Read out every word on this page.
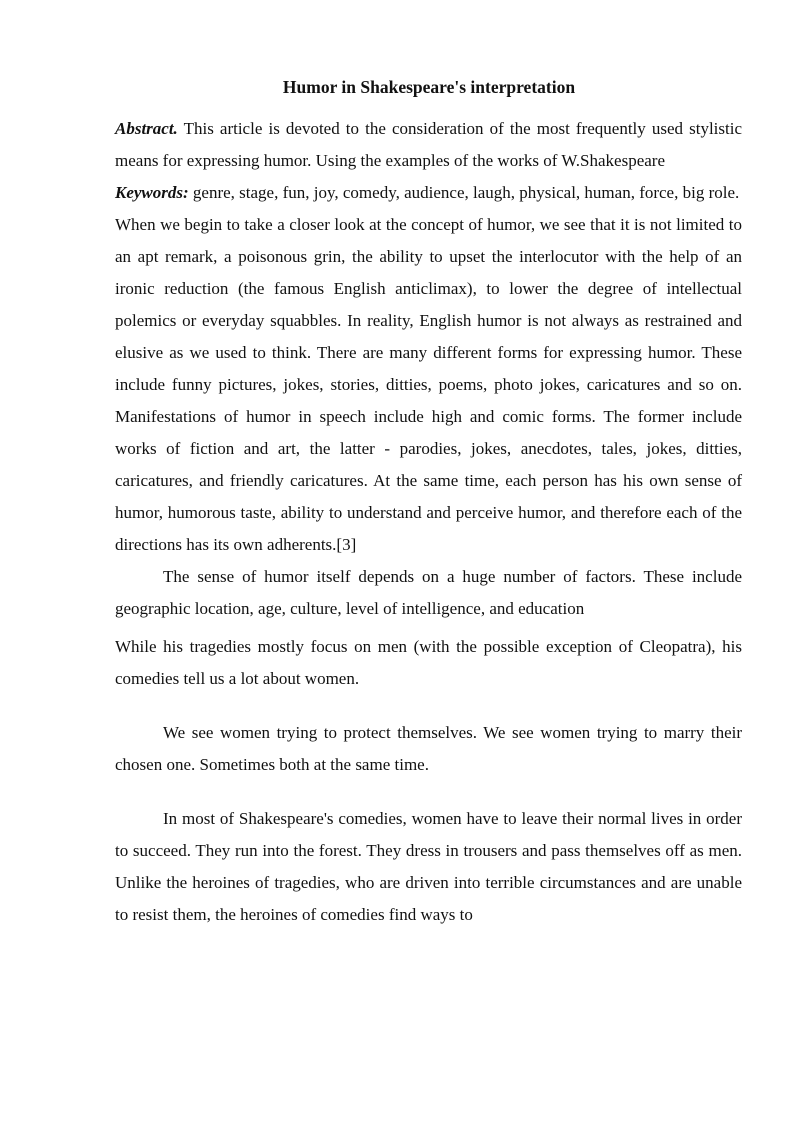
Humor in Shakespeare's interpretation

Abstract. This article is devoted to the consideration of the most frequently used stylistic means for expressing humor. Using the examples of the works of W.Shakespeare

Keywords: genre, stage, fun, joy, comedy, audience, laugh, physical, human, force, big role.

When we begin to take a closer look at the concept of humor, we see that it is not limited to an apt remark, a poisonous grin, the ability to upset the interlocutor with the help of an ironic reduction (the famous English anticlimax), to lower the degree of intellectual polemics or everyday squabbles. In reality, English humor is not always as restrained and elusive as we used to think. There are many different forms for expressing humor. These include funny pictures, jokes, stories, ditties, poems, photo jokes, caricatures and so on. Manifestations of humor in speech include high and comic forms. The former include works of fiction and art, the latter - parodies, jokes, anecdotes, tales, jokes, ditties, caricatures, and friendly caricatures. At the same time, each person has his own sense of humor, humorous taste, ability to understand and perceive humor, and therefore each of the directions has its own adherents.[3]

The sense of humor itself depends on a huge number of factors. These include geographic location, age, culture, level of intelligence, and education

While his tragedies mostly focus on men (with the possible exception of Cleopatra), his comedies tell us a lot about women.

We see women trying to protect themselves. We see women trying to marry their chosen one. Sometimes both at the same time.

In most of Shakespeare's comedies, women have to leave their normal lives in order to succeed. They run into the forest. They dress in trousers and pass themselves off as men. Unlike the heroines of tragedies, who are driven into terrible circumstances and are unable to resist them, the heroines of comedies find ways to
